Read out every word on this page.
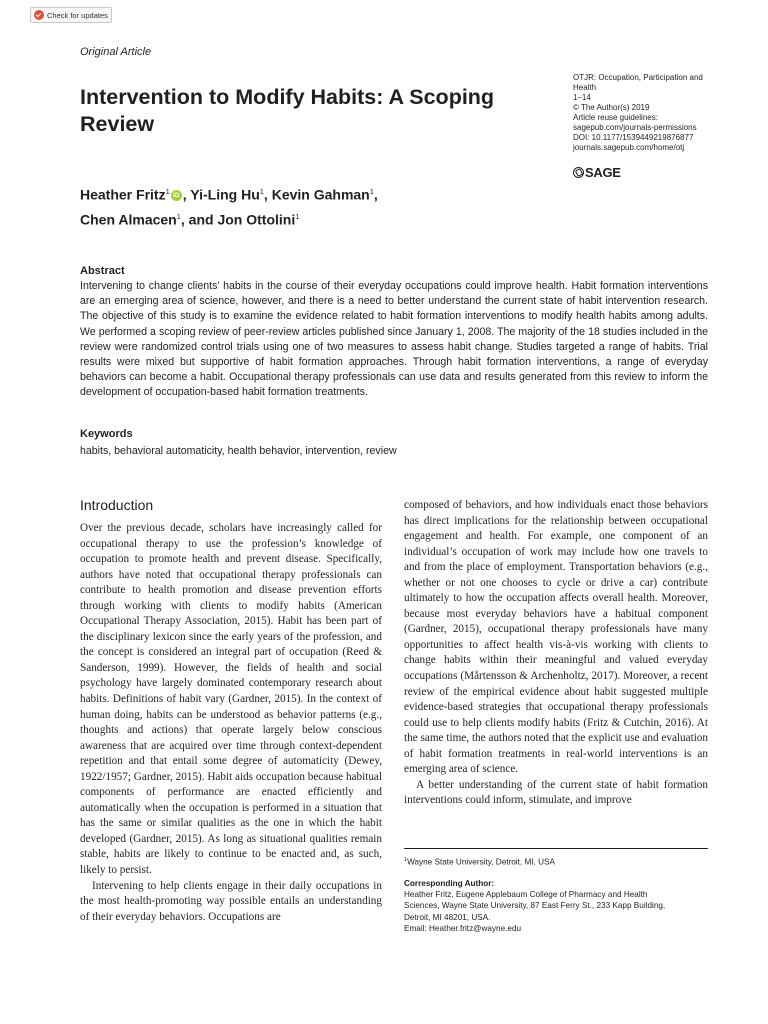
Check for updates
Original Article
Intervention to Modify Habits: A Scoping Review
OTJR: Occupation, Participation and
Health
1–14
© The Author(s) 2019
Article reuse guidelines:
sagepub.com/journals-permissions
DOI: 10.1177/1539449219876877
journals.sagepub.com/home/otj
SAGE
Heather Fritz$^1$ iD , Yi-Ling Hu$^1$, Kevin Gahman$^1$,
Chen Almacen$^1$, and Jon Ottolini$^1$
Abstract
Intervening to change clients’ habits in the course of their everyday occupations could improve health. Habit formation interventions are an emerging area of science, however, and there is a need to better understand the current state of habit intervention research. The objective of this study is to examine the evidence related to habit formation interventions to modify health habits among adults. We performed a scoping review of peer-review articles published since January 1, 2008. The majority of the 18 studies included in the review were randomized control trials using one of two measures to assess habit change. Studies targeted a range of habits. Trial results were mixed but supportive of habit formation approaches. Through habit formation interventions, a range of everyday behaviors can become a habit. Occupational therapy professionals can use data and results generated from this review to inform the development of occupation-based habit formation treatments.
Keywords
habits, behavioral automaticity, health behavior, intervention, review
Introduction

Over the previous decade, scholars have increasingly called for occupational therapy to use the profession’s knowledge of occupation to promote health and prevent disease. Specifically, authors have noted that occupational therapy professionals can contribute to health promotion and disease prevention efforts through working with clients to modify habits (American Occupational Therapy Association, 2015). Habit has been part of the disciplinary lexicon since the early years of the profession, and the concept is considered an integral part of occupation (Reed & Sanderson, 1999). However, the fields of health and social psychology have largely dominated contemporary research about habits. Definitions of habit vary (Gardner, 2015). In the context of human doing, habits can be understood as behavior patterns (e.g., thoughts and actions) that operate largely below conscious awareness that are acquired over time through context-dependent repetition and that entail some degree of automaticity (Dewey, 1922/1957; Gardner, 2015). Habit aids occupation because habitual components of performance are enacted efficiently and automatically when the occupation is performed in a situation that has the same or similar qualities as the one in which the habit developed (Gardner, 2015). As long as situational qualities remain stable, habits are likely to continue to be enacted and, as such, likely to persist.

Intervening to help clients engage in their daily occupations in the most health-promoting way possible entails an understanding of their everyday behaviors. Occupations are

composed of behaviors, and how individuals enact those behaviors has direct implications for the relationship between occupational engagement and health. For example, one component of an individual’s occupation of work may include how one travels to and from the place of employment. Transportation behaviors (e.g., whether or not one chooses to cycle or drive a car) contribute ultimately to how the occupation affects overall health. Moreover, because most everyday behaviors have a habitual component (Gardner, 2015), occupational therapy professionals have many opportunities to affect health vis-à-vis working with clients to change habits within their meaningful and valued everyday occupations (Mårtensson & Archenholtz, 2017). Moreover, a recent review of the empirical evidence about habit suggested multiple evidence-based strategies that occupational therapy professionals could use to help clients modify habits (Fritz & Cutchin, 2016). At the same time, the authors noted that the explicit use and evaluation of habit formation treatments in real-world interventions is an emerging area of science.

A better understanding of the current state of habit formation interventions could inform, stimulate, and improve

$^1$Wayne State University, Detroit, MI, USA
Corresponding Author:
Heather Fritz, Eugene Applebaum College of Pharmacy and Health
Sciences, Wayne State University, 87 East Ferry St., 233 Kapp Building,
Detroit, MI 48201, USA.
Email: Heather.fritz@wayne.edu
